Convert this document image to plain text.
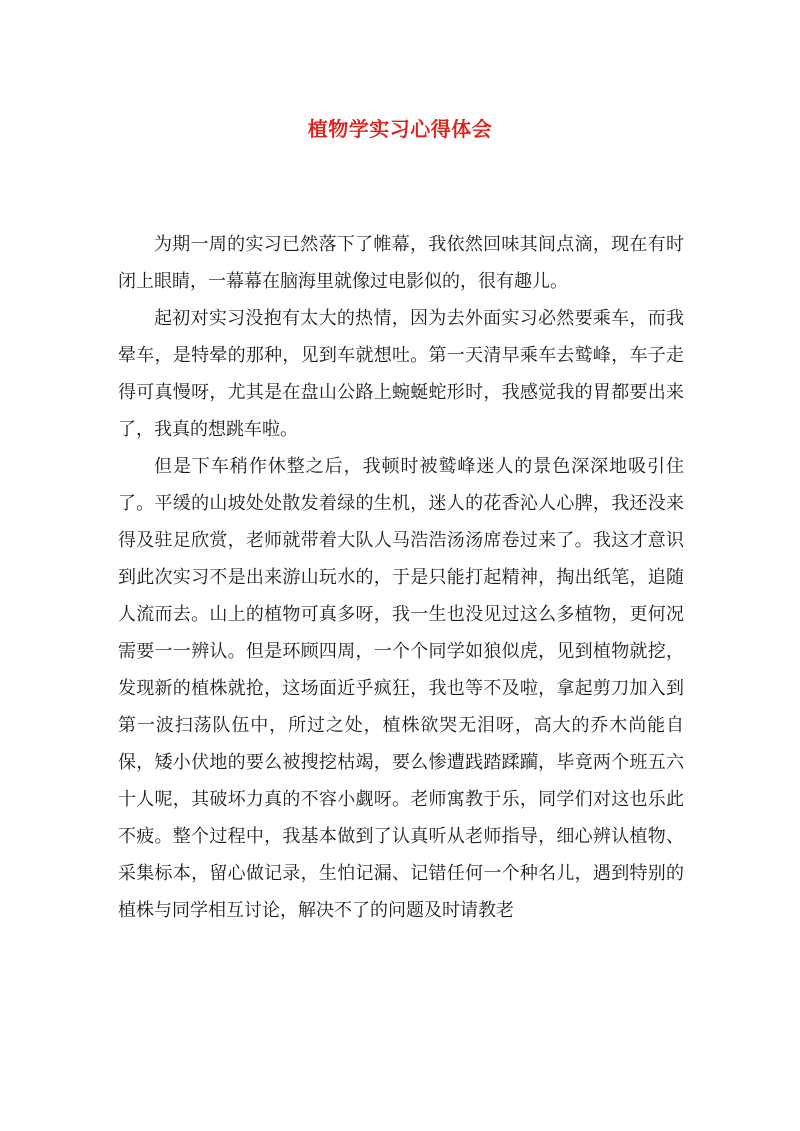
植物学实习心得体会

为期一周的实习已然落下了帷幕，我依然回味其间点滴，现在有时闭上眼睛，一幕幕在脑海里就像过电影似的，很有趣儿。

起初对实习没抱有太大的热情，因为去外面实习必然要乘车，而我晕车，是特晕的那种，见到车就想吐。第一天清早乘车去鹫峰，车子走得可真慢呀，尤其是在盘山公路上蜿蜒蛇形时，我感觉我的胃都要出来了，我真的想跳车啦。

但是下车稍作休整之后，我顿时被鹫峰迷人的景色深深地吸引住了。平缓的山坡处处散发着绿的生机，迷人的花香沁人心脾，我还没来得及驻足欣赏，老师就带着大队人马浩浩汤汤席卷过来了。我这才意识到此次实习不是出来游山玩水的，于是只能打起精神，掏出纸笔，追随人流而去。山上的植物可真多呀，我一生也没见过这么多植物，更何况需要一一辨认。但是环顾四周，一个个同学如狼似虎，见到植物就挖，发现新的植株就抢，这场面近乎疯狂，我也等不及啦，拿起剪刀加入到第一波扫荡队伍中，所过之处，植株欲哭无泪呀，高大的乔木尚能自保，矮小伏地的要么被搜挖枯竭，要么惨遭践踏蹂躏，毕竟两个班五六十人呢，其破坏力真的不容小觑呀。老师寓教于乐，同学们对这也乐此不疲。整个过程中，我基本做到了认真听从老师指导，细心辨认植物、采集标本，留心做记录，生怕记漏、记错任何一个种名儿，遇到特别的植株与同学相互讨论，解决不了的问题及时请教老
